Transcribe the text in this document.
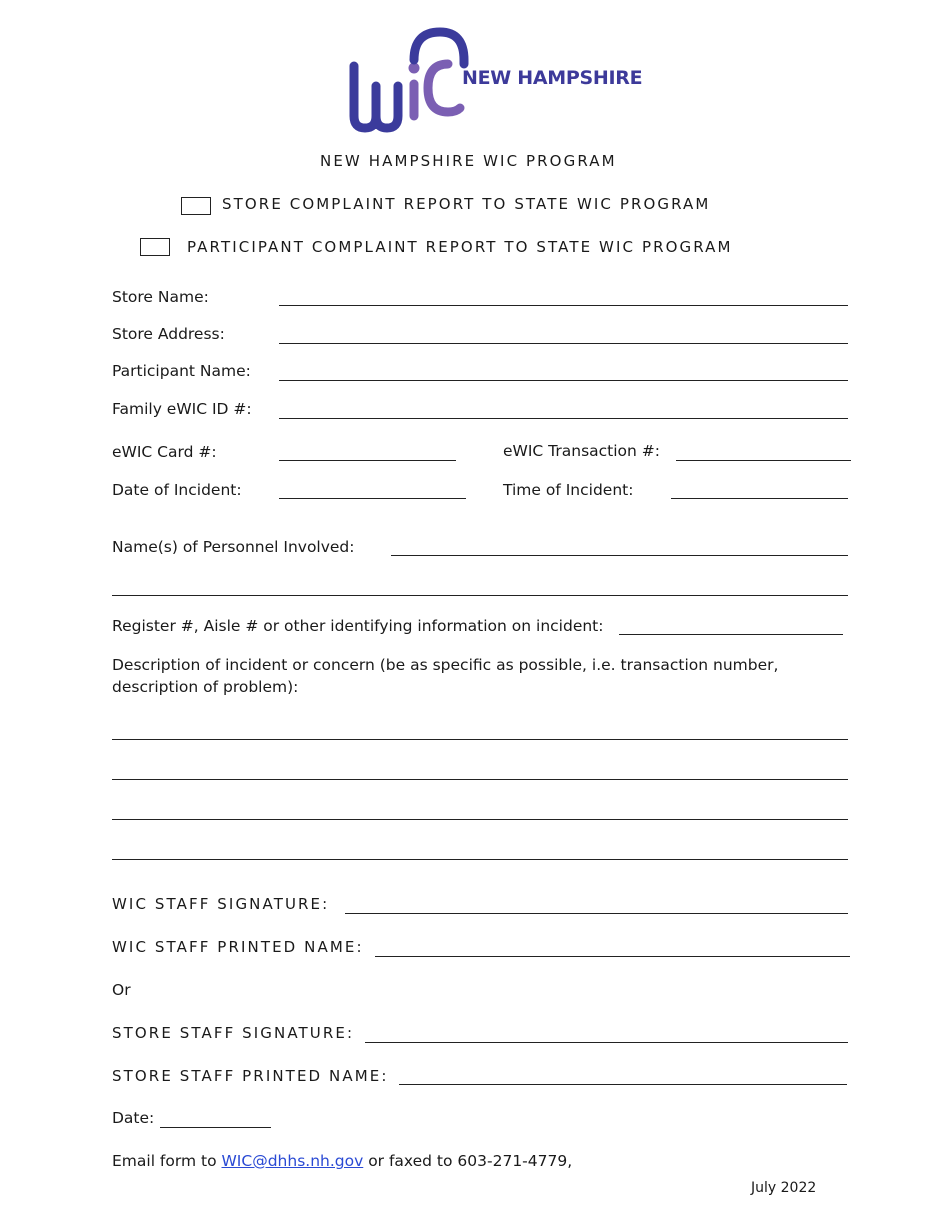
NEW HAMPSHIRE
NEW HAMPSHIRE WIC PROGRAM
STORE COMPLAINT REPORT TO STATE WIC PROGRAM
PARTICIPANT COMPLAINT REPORT TO STATE WIC PROGRAM
Store Name:
Store Address:
Participant Name:
Family eWIC ID #:
eWIC Card #:	eWIC Transaction #:
Date of Incident:	Time of Incident:
Name(s) of Personnel Involved:
Register #, Aisle # or other identifying information on incident:
Description of incident or concern (be as specific as possible, i.e. transaction number,
description of problem):
WIC STAFF SIGNATURE:
WIC STAFF PRINTED NAME:
Or
STORE STAFF SIGNATURE:
STORE STAFF PRINTED NAME:
Date:
Email form to WIC@dhhs.nh.gov or faxed to 603-271-4779,
July 2022
